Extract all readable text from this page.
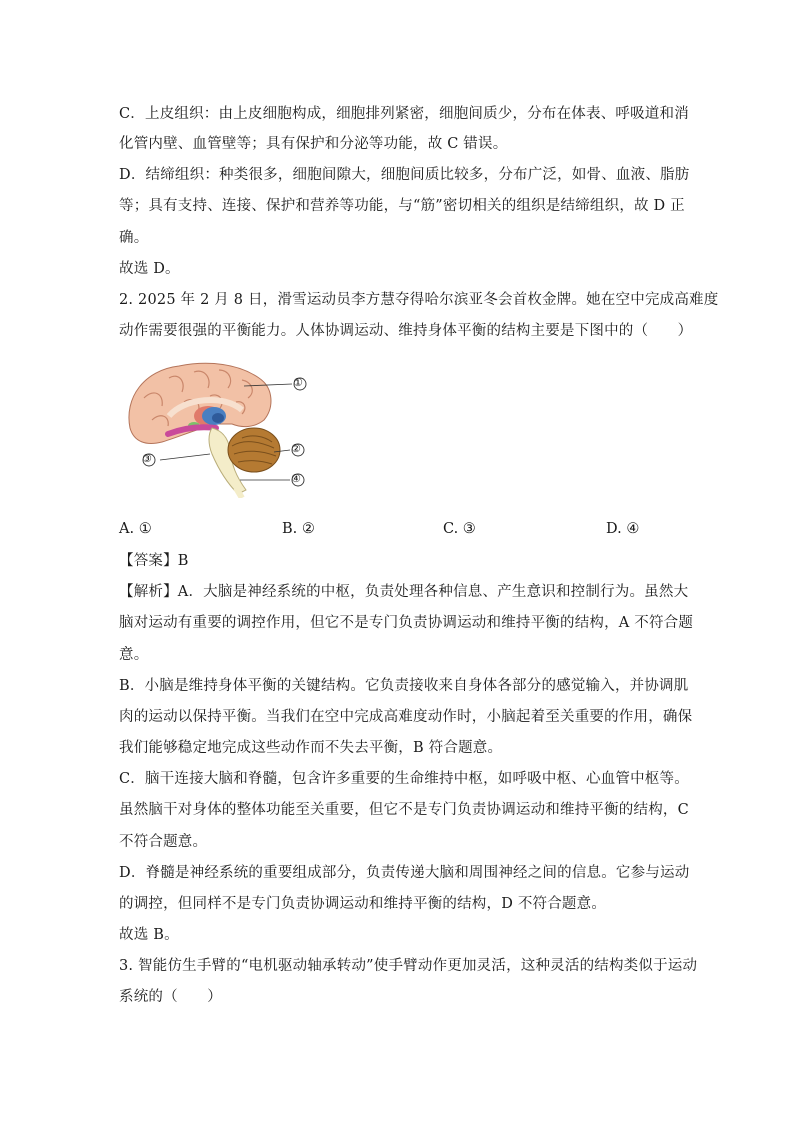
C．上皮组织：由上皮细胞构成，细胞排列紧密，细胞间质少，分布在体表、呼吸道和消
化管内壁、血管壁等；具有保护和分泌等功能，故 C 错误。
D．结缔组织：种类很多，细胞间隙大，细胞间质比较多，分布广泛，如骨、血液、脂肪
等；具有支持、连接、保护和营养等功能，与“筋”密切相关的组织是结缔组织，故 D 正
确。
故选 D。
2. 2025 年 2 月 8 日，滑雪运动员李方慧夺得哈尔滨亚冬会首枚金牌。她在空中完成高难度
动作需要很强的平衡能力。人体协调运动、维持身体平衡的结构主要是下图中的（　　）
①
②
③
④
A. ①	B. ②	C. ③	D. ④
【答案】B
【解析】A．大脑是神经系统的中枢，负责处理各种信息、产生意识和控制行为。虽然大
脑对运动有重要的调控作用，但它不是专门负责协调运动和维持平衡的结构，A 不符合题
意。
B．小脑是维持身体平衡的关键结构。它负责接收来自身体各部分的感觉输入，并协调肌
肉的运动以保持平衡。当我们在空中完成高难度动作时，小脑起着至关重要的作用，确保
我们能够稳定地完成这些动作而不失去平衡，B 符合题意。
C．脑干连接大脑和脊髓，包含许多重要的生命维持中枢，如呼吸中枢、心血管中枢等。
虽然脑干对身体的整体功能至关重要，但它不是专门负责协调运动和维持平衡的结构，C
不符合题意。
D．脊髓是神经系统的重要组成部分，负责传递大脑和周围神经之间的信息。它参与运动
的调控，但同样不是专门负责协调运动和维持平衡的结构，D 不符合题意。
故选 B。
3. 智能仿生手臂的“电机驱动轴承转动”使手臂动作更加灵活，这种灵活的结构类似于运动
系统的（　　）
